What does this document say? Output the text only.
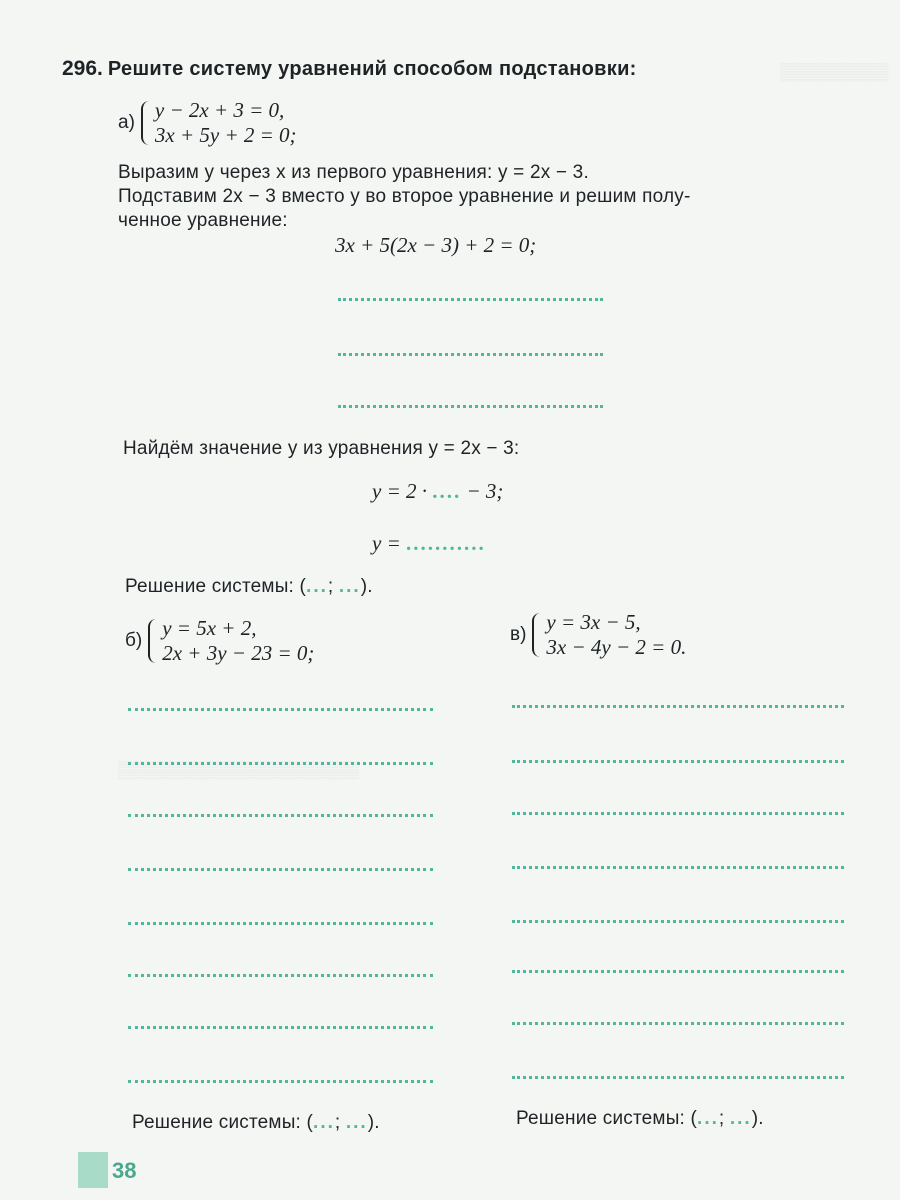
▒▒▒▒▒▒▒▒▒
▒▒▒▒▒▒▒▒▒▒▒▒▒▒▒▒▒▒▒▒
296. Решите систему уравнений способом подстановки:
а)
y − 2x + 3 = 0,
3x + 5y + 2 = 0;
Выразим y через x из первого уравнения: y = 2x − 3.
Подставим 2x − 3 вместо y во второе уравнение и решим полу-
ченное уравнение:
3x + 5(2x − 3) + 2 = 0;
Найдём значение y из уравнения y = 2x − 3:
y = 2 · .... − 3;
y = ...........
Решение системы: (...; ...).
б)
y = 5x + 2,
2x + 3y − 23 = 0;
в)
y = 3x − 5,
3x − 4y − 2 = 0.
Решение системы: (...; ...).	Решение системы: (...; ...).
38
